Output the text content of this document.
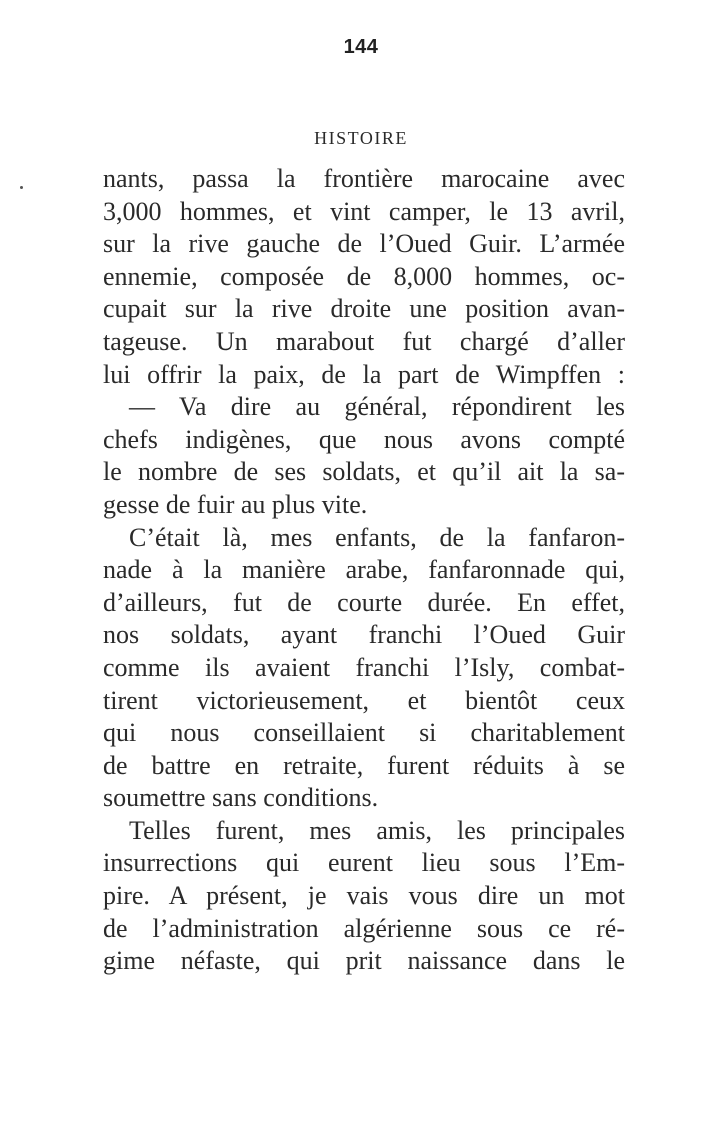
144
HISTOIRE
nants, passa la frontière marocaine avec
3,000 hommes, et vint camper, le 13 avril,
sur la rive gauche de l’Oued Guir. L’armée
ennemie, composée de 8,000 hommes, oc-
cupait sur la rive droite une position avan-
tageuse. Un marabout fut chargé d’aller
lui offrir la paix, de la part de Wimpffen :
— Va dire au général, répondirent les
chefs indigènes, que nous avons compté
le nombre de ses soldats, et qu’il ait la sa-
gesse de fuir au plus vite.
C’était là, mes enfants, de la fanfaron-
nade à la manière arabe, fanfaronnade qui,
d’ailleurs, fut de courte durée. En effet,
nos soldats, ayant franchi l’Oued Guir
comme ils avaient franchi l’Isly, combat-
tirent victorieusement, et bientôt ceux
qui nous conseillaient si charitablement
de battre en retraite, furent réduits à se
soumettre sans conditions.
Telles furent, mes amis, les principales
insurrections qui eurent lieu sous l’Em-
pire. A présent, je vais vous dire un mot
de l’administration algérienne sous ce ré-
gime néfaste, qui prit naissance dans le
